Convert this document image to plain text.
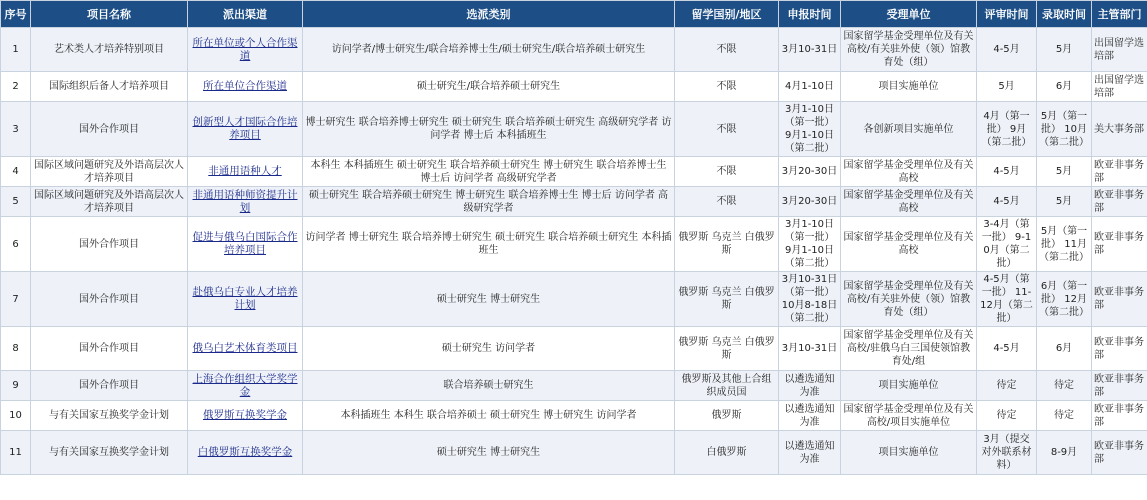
序号	项目名称	派出渠道	选派类别	留学国别/地区	申报时间	受理单位	评审时间	录取时间	主管部门
1	艺术类人才培养特别项目	所在单位或个人合作渠道	访问学者/博士研究生/联合培养博士生/硕士研究生/联合培养硕士研究生	不限	3月10-31日	国家留学基金受理单位及有关高校/有关驻外使（领）馆教育处（组）	4-5月	5月	出国留学选培部
2	国际组织后备人才培养项目	所在单位合作渠道	硕士研究生/联合培养硕士研究生	不限	4月1-10日	项目实施单位	5月	6月	出国留学选培部
3	国外合作项目	创新型人才国际合作培养项目	博士研究生 联合培养博士研究生 硕士研究生 联合培养硕士研究生 高级研究学者 访问学者 博士后 本科插班生	不限	3月1-10日（第一批） 9月1-10日（第二批）	各创新项目实施单位	4月（第一批） 9月（第二批）	5月（第一批） 10月（第二批）	美大事务部
4	国际区域问题研究及外语高层次人才培养项目	非通用语种人才	本科生 本科插班生 硕士研究生 联合培养硕士研究生 博士研究生 联合培养博士生 博士后 访问学者 高级研究学者	不限	3月20-30日	国家留学基金受理单位及有关高校	4-5月	5月	欧亚非事务部
5	国际区域问题研究及外语高层次人才培养项目	非通用语种师资提升计划	硕士研究生 联合培养硕士研究生 博士研究生 联合培养博士生 博士后 访问学者 高级研究学者	不限	3月20-30日	国家留学基金受理单位及有关高校	4-5月	5月	欧亚非事务部
6	国外合作项目	促进与俄乌白国际合作培养项目	访问学者 博士研究生 联合培养博士研究生 硕士研究生 联合培养硕士研究生 本科插班生	俄罗斯 乌克兰 白俄罗斯	3月1-10日（第一批） 9月1-10日（第二批）	国家留学基金受理单位及有关高校	3-4月（第一批） 9-10月（第二批）	5月（第一批） 11月（第二批）	欧亚非事务部
7	国外合作项目	赴俄乌白专业人才培养计划	硕士研究生 博士研究生	俄罗斯 乌克兰 白俄罗斯	3月10-31日（第一批） 10月8-18日（第二批）	国家留学基金受理单位及有关高校/有关驻外使（领）馆教育处（组）	4-5月（第一批） 11-12月（第二批）	6月（第一批） 12月（第二批）	欧亚非事务部
8	国外合作项目	俄乌白艺术体育类项目	硕士研究生 访问学者	俄罗斯 乌克兰 白俄罗斯	3月10-31日	国家留学基金受理单位及有关高校/驻俄乌白三国使领馆教育处/组	4-5月	6月	欧亚非事务部
9	国外合作项目	上海合作组织大学奖学金	联合培养硕士研究生	俄罗斯及其他上合组织成员国	以遴选通知为准	项目实施单位	待定	待定	欧亚非事务部
10	与有关国家互换奖学金计划	俄罗斯互换奖学金	本科插班生 本科生 联合培养硕士 硕士研究生 博士研究生 访问学者	俄罗斯	以遴选通知为准	国家留学基金受理单位及有关高校/项目实施单位	待定	待定	欧亚非事务部
11	与有关国家互换奖学金计划	白俄罗斯互换奖学金	硕士研究生 博士研究生	白俄罗斯	以遴选通知为准	项目实施单位	3月（提交对外联系材料）	8-9月	欧亚非事务部
